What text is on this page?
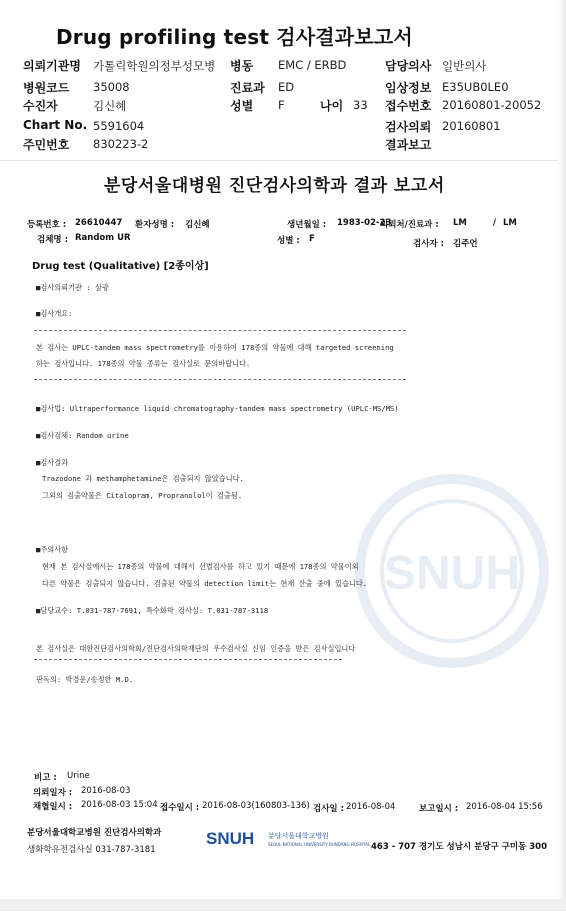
Drug profiling test 검사결과보고서
의뢰기관명 가톨릭학원의정부성모병 병동 EMC / ERBD	담당의사 일반의사
병원코드 35008	진료과 ED	임상정보 E35UB0LE0
수진자	김신혜	성별 F	나이 33 접수번호 20160801-20052
Chart No. 5591604	검사의뢰 20160801
주민번호 830223-2	결과보고
SNUH
분당서울대병원 진단검사의학과 결과 보고서
등록번호 : 26610447 환자성명 : 김신혜	생년월일 : 1983-02-23
의뢰처/진료과 : LM	/ LM
검체명 : Random UR	성별 : F	검사자 : 김주언
Drug test (Qualitative) [2종이상]
■검사의뢰기관 : 삼광
■검사개요:
본 검사는 UPLC-tandem mass spectrometry를 이용하여 178종의 약물에 대해 targeted screening
하는 검사입니다. 178종의 약물 종류는 검사실로 문의바랍니다.
■검사법: Ultraperformance liquid chromatography-tandem mass spectrometry (UPLC-MS/MS)
■검사검체: Random urine
■검사결과
Trazodone 과 methamphetamine은 검출되지 않았습니다.
그외의 검출약물은 Citalopram, Propranolol이 검출됨.
■주의사항
현재 본 검사실에서는 178종의 약물에 대해서 선별검사를 하고 있기 때문에 178종의 약물이외
다른 약물은 검출되지 않습니다. 검출된 약물의 detection limit는 현재 산출 중에 있습니다.
■담당교수: T.031-787-7691, 특수화학 검사실: T.031-787-3118
본 검사실은 대한진단검사의학회/진단검사의학재단의 우수검사실 신임 인증을 받은 검사실입니다
판독의: 박경운/송정한 M.D.
비고 : Urine
의뢰일자 : 2016-08-03
채혈일시 : 2016-08-03 15:04 접수일시 : 2016-08-03(160803-136) 검사일 : 2016-08-04	보고일시 : 2016-08-04 15:56
분당서울대학교병원 진단검사의학과
생화학유전검사실 031-787-3181
SNUH 분당서울대학교병원
SEOUL NATIONAL UNIVERSITY BUNDANG HOSPITAL 463 - 707 경기도 성남시 분당구 구미동 300
